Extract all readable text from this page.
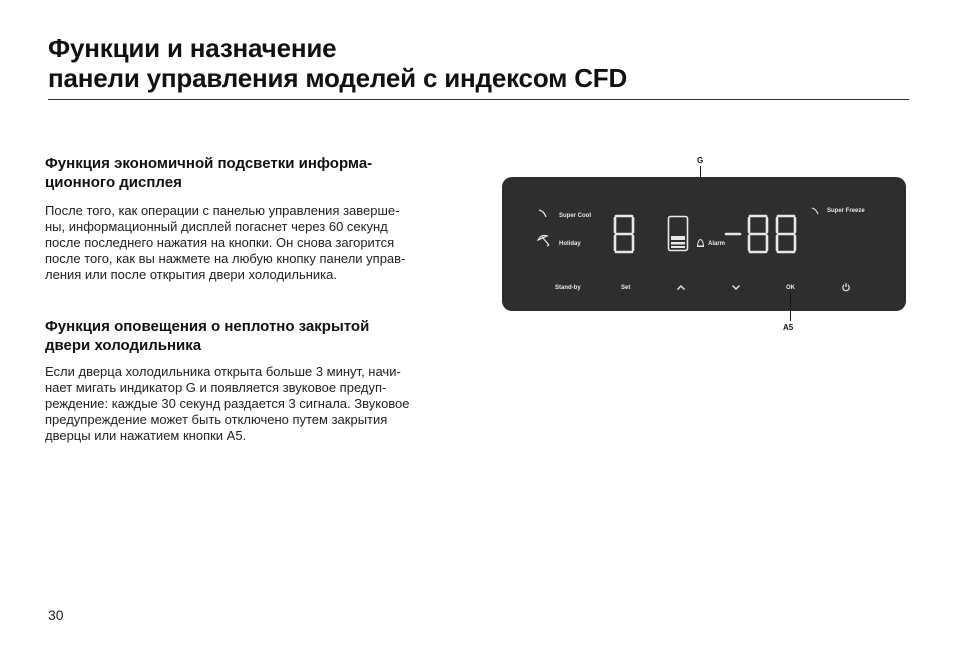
Функции и назначение
панели управления моделей с индексом CFD
Функция экономичной подсветки информа-
ционного дисплея
После того, как операции с панелью управления заверше-
ны, информационный дисплей погаснет через 60 секунд
после последнего нажатия на кнопки. Он снова загорится
после того, как вы нажмете на любую кнопку панели управ-
ления или после открытия двери холодильника.
Функция оповещения о неплотно закрытой
двери холодильника
Если дверца холодильника открыта больше 3 минут, начи-
нает мигать индикатор G и появляется звуковое предуп-
реждение: каждые 30 секунд раздается 3 сигнала. Звуковое
предупреждение может быть отключено путем закрытия
дверцы или нажатием кнопки A5.
G
Super Cool
Holiday	Alarm
Super Freeze
Stand-by	Set	OK
A5
30
